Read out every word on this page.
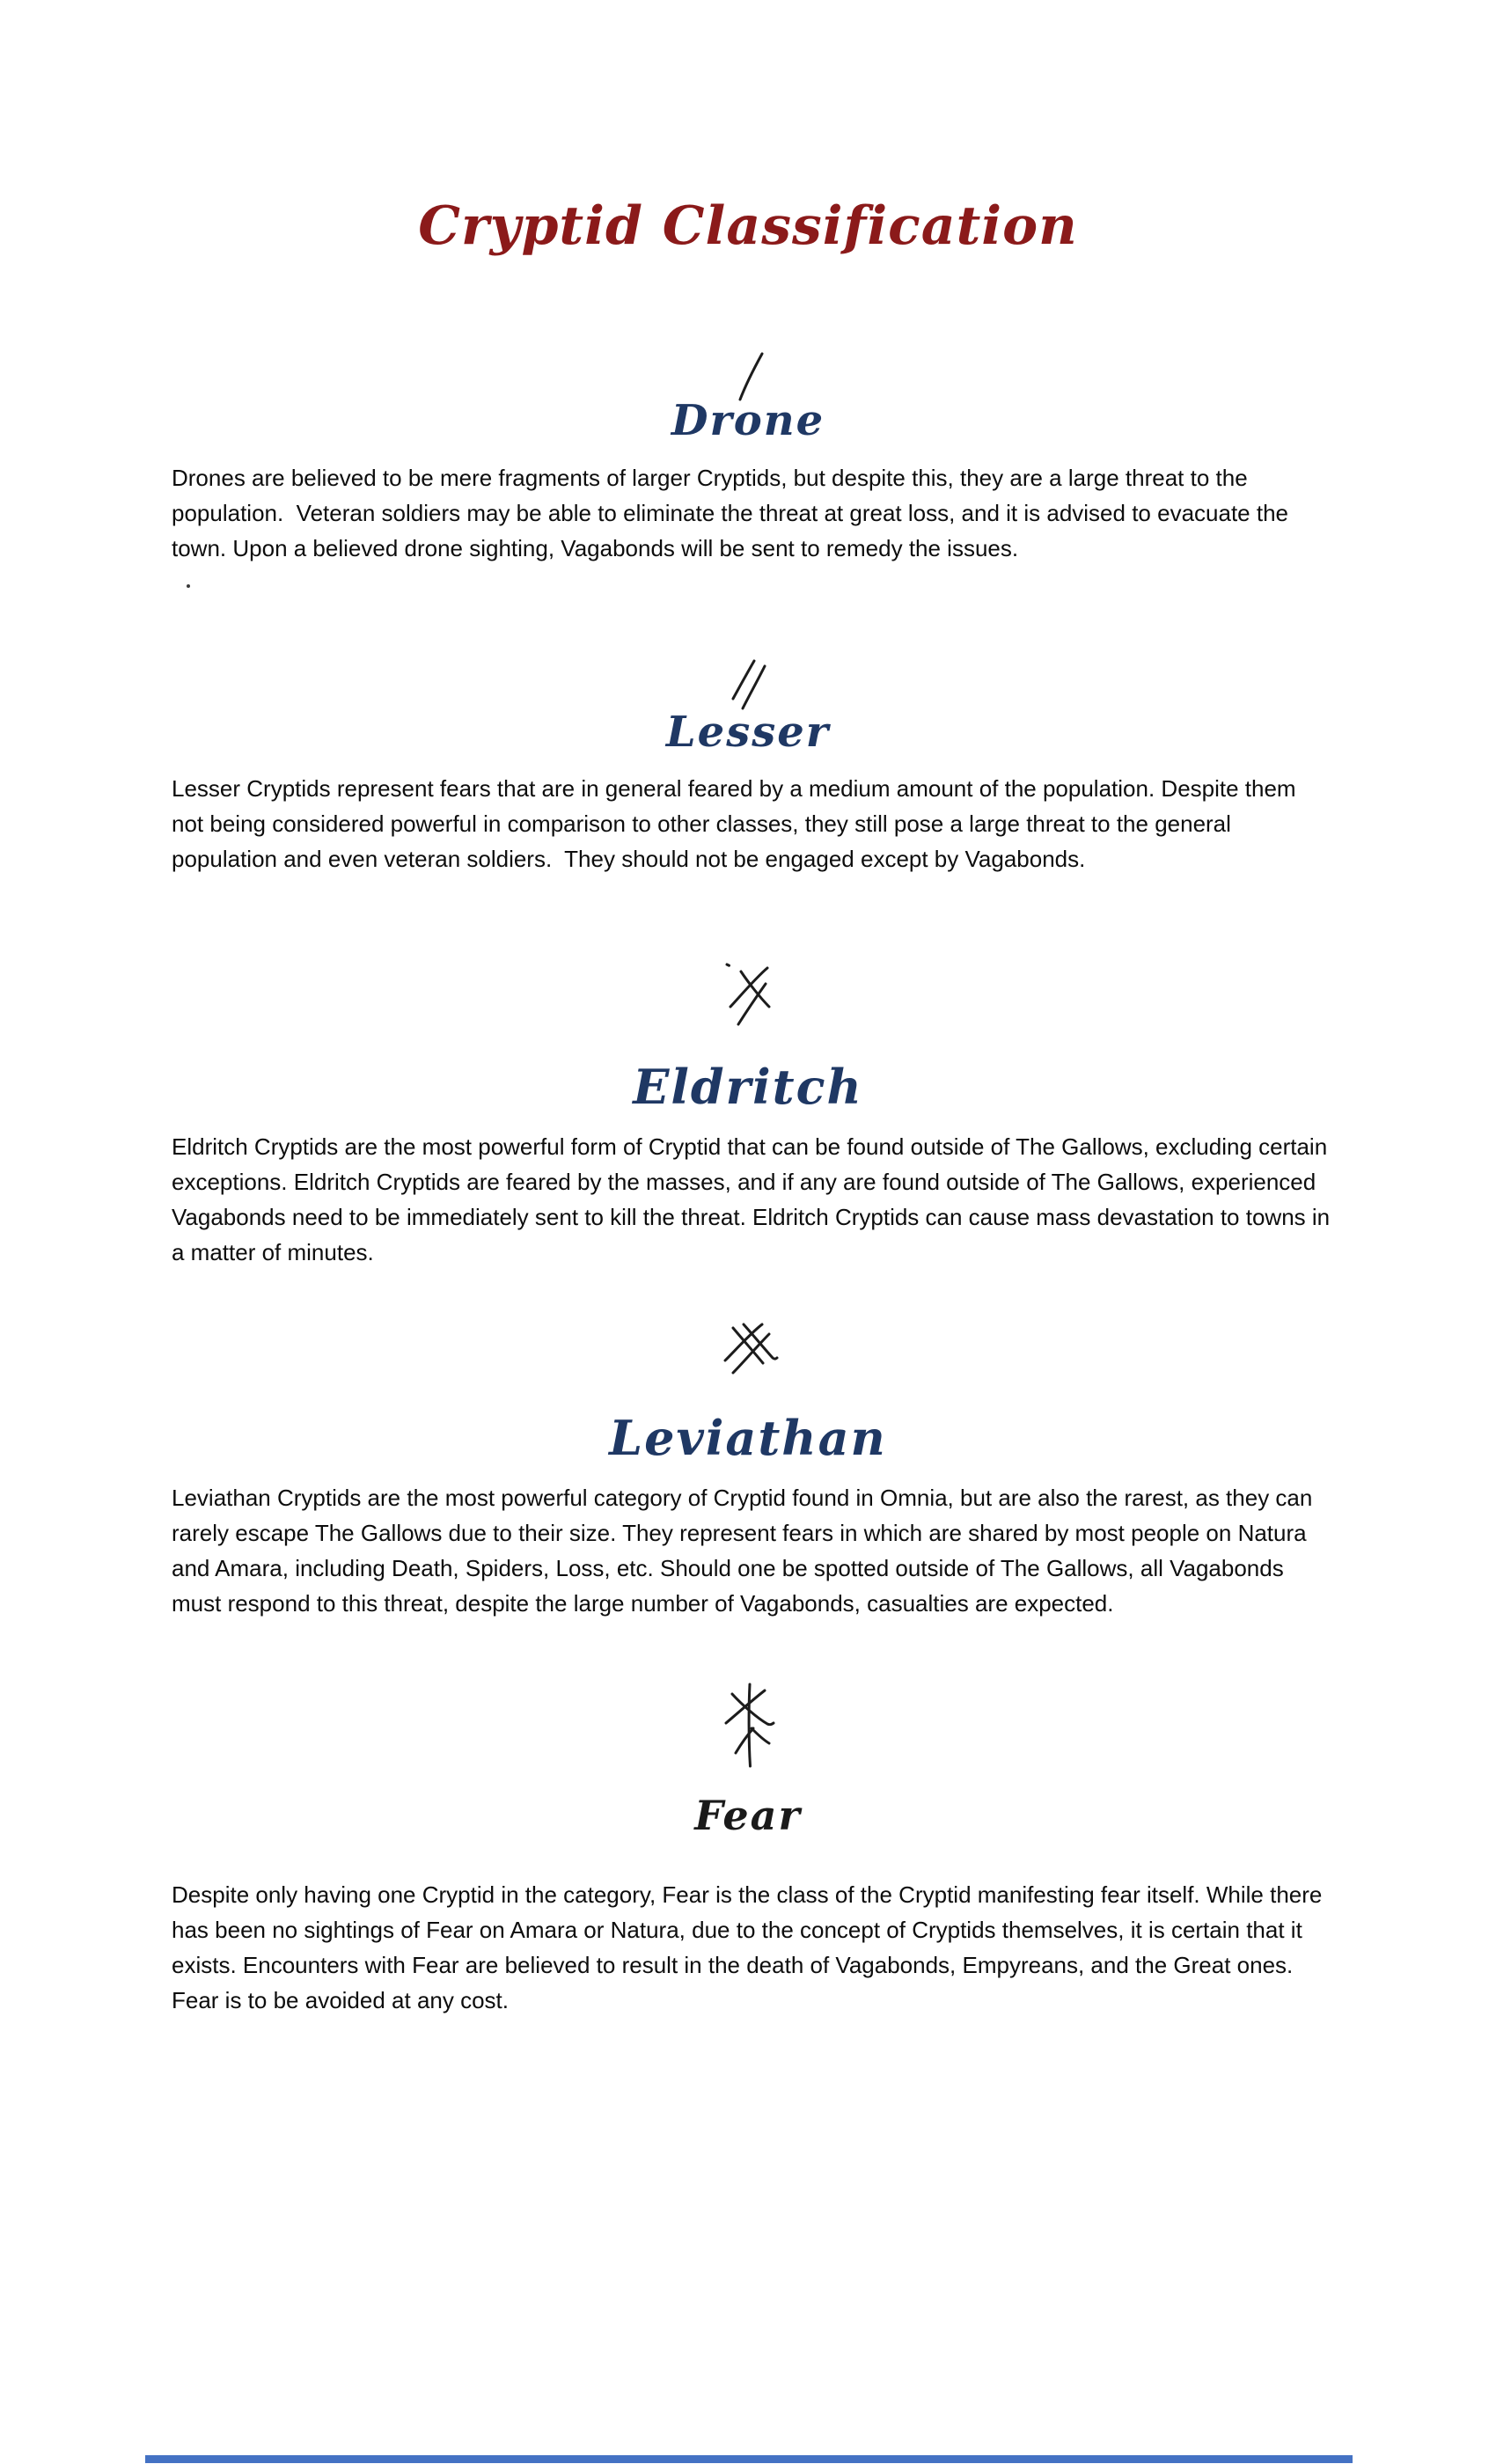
Cryptid Classification
Drone

Drones are believed to be mere fragments of larger Cryptids, but despite this, they are a large threat to the population.  Veteran soldiers may be able to eliminate the threat at great loss, and it is advised to evacuate the town. Upon a believed drone sighting, Vagabonds will be sent to remedy the issues.

Lesser

Lesser Cryptids represent fears that are in general feared by a medium amount of the population. Despite them not being considered powerful in comparison to other classes, they still pose a large threat to the general population and even veteran soldiers.  They should not be engaged except by Vagabonds.

Eldritch

Eldritch Cryptids are the most powerful form of Cryptid that can be found outside of The Gallows, excluding certain exceptions. Eldritch Cryptids are feared by the masses, and if any are found outside of The Gallows, experienced Vagabonds need to be immediately sent to kill the threat. Eldritch Cryptids can cause mass devastation to towns in a matter of minutes.

Leviathan

Leviathan Cryptids are the most powerful category of Cryptid found in Omnia, but are also the rarest, as they can rarely escape The Gallows due to their size. They represent fears in which are shared by most people on Natura and Amara, including Death, Spiders, Loss, etc. Should one be spotted outside of The Gallows, all Vagabonds must respond to this threat, despite the large number of Vagabonds, casualties are expected.

Fear

Despite only having one Cryptid in the category, Fear is the class of the Cryptid manifesting fear itself. While there has been no sightings of Fear on Amara or Natura, due to the concept of Cryptids themselves, it is certain that it exists. Encounters with Fear are believed to result in the death of Vagabonds, Empyreans, and the Great ones. Fear is to be avoided at any cost.
